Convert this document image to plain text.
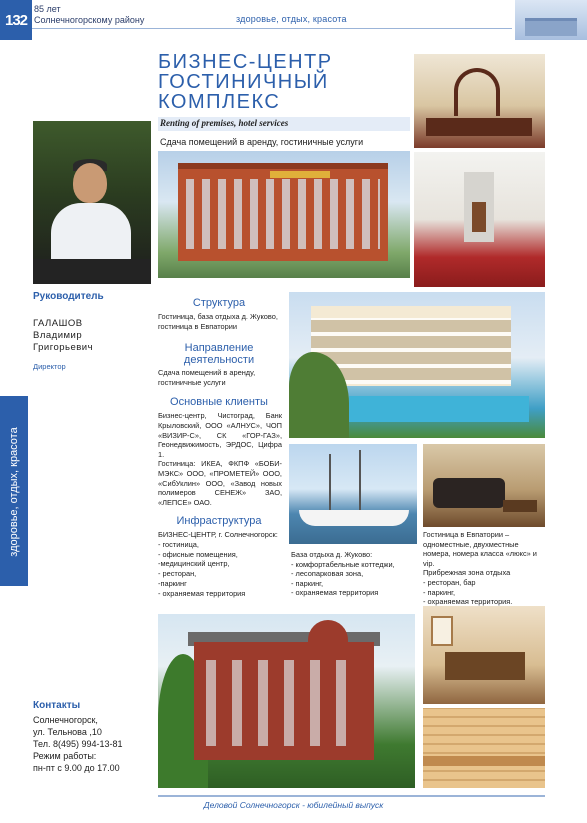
132
85 лет
Солнечногорскому району	здоровье, отдых, красота
здоровье, отдых, красота
БИЗНЕС-ЦЕНТР
ГОСТИНИЧНЫЙ
КОМПЛЕКС
Renting of premises, hotel services
Сдача помещений в аренду, гостиничные услуги
Руководитель
ГАЛАШОВ
Владимир
Григорьевич
Директор
Структура
Гостиница, база отдыха д. Жуково, гостиница в Евпатории
Направление
деятельности
Сдача помещений в аренду, гостиничные услуги
Основные клиенты
Бизнес-центр, Чистоград, Банк Крыловский, ООО «АЛНУС», ЧОП «ВИЗИР-С», СК «ГОР-ГАЗ», Геонедвижимость, ЭРДОС, Цифра 1.
Гостиница: ИКЕА, ФКПФ «БОБИ-МЭКС» ООО, «ПРОМЕТЕЙ» ООО, «СибУклин» ООО, «Завод новых полимеров СЕНЕЖ» ЗАО, «ЛЕПСЕ» ОАО.
Инфраструктура
БИЗНЕС-ЦЕНТР, г. Солнечногорск:
- гостиница,
- офисные помещения,
-медицинский центр,
- ресторан,
-паркинг
- охраняемая территория
База отдыха д. Жуково:
- комфортабельные коттеджи,
- лесопарковая зона,
- паркинг,
- охраняемая территория
Гостиница в Евпатории – одноместные, двухместные номера, номера класса «люкс» и vip.
Прибрежная зона отдыха
- ресторан, бар
- паркинг,
- охраняемая территория.
Контакты
Солнечногорск,
ул. Тельнова ,10
Тел. 8(495) 994-13-81
Режим работы:
пн-пт с 9.00 до 17.00
Деловой Солнечногорск - юбилейный выпуск
